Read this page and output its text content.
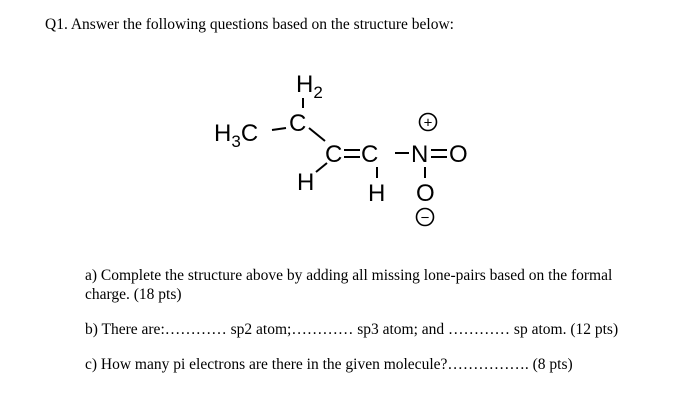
Q1. Answer the following questions based on the structure below:
$H_3C$
$H_2$
C
C
H
C
H
N
+
O
O
−
a) Complete the structure above by adding all missing lone-pairs based on the formal
charge. (18 pts)
b) There are:………… sp2 atom;………… sp3 atom; and ………… sp atom. (12 pts)
c) How many pi electrons are there in the given molecule?……………. (8 pts)
